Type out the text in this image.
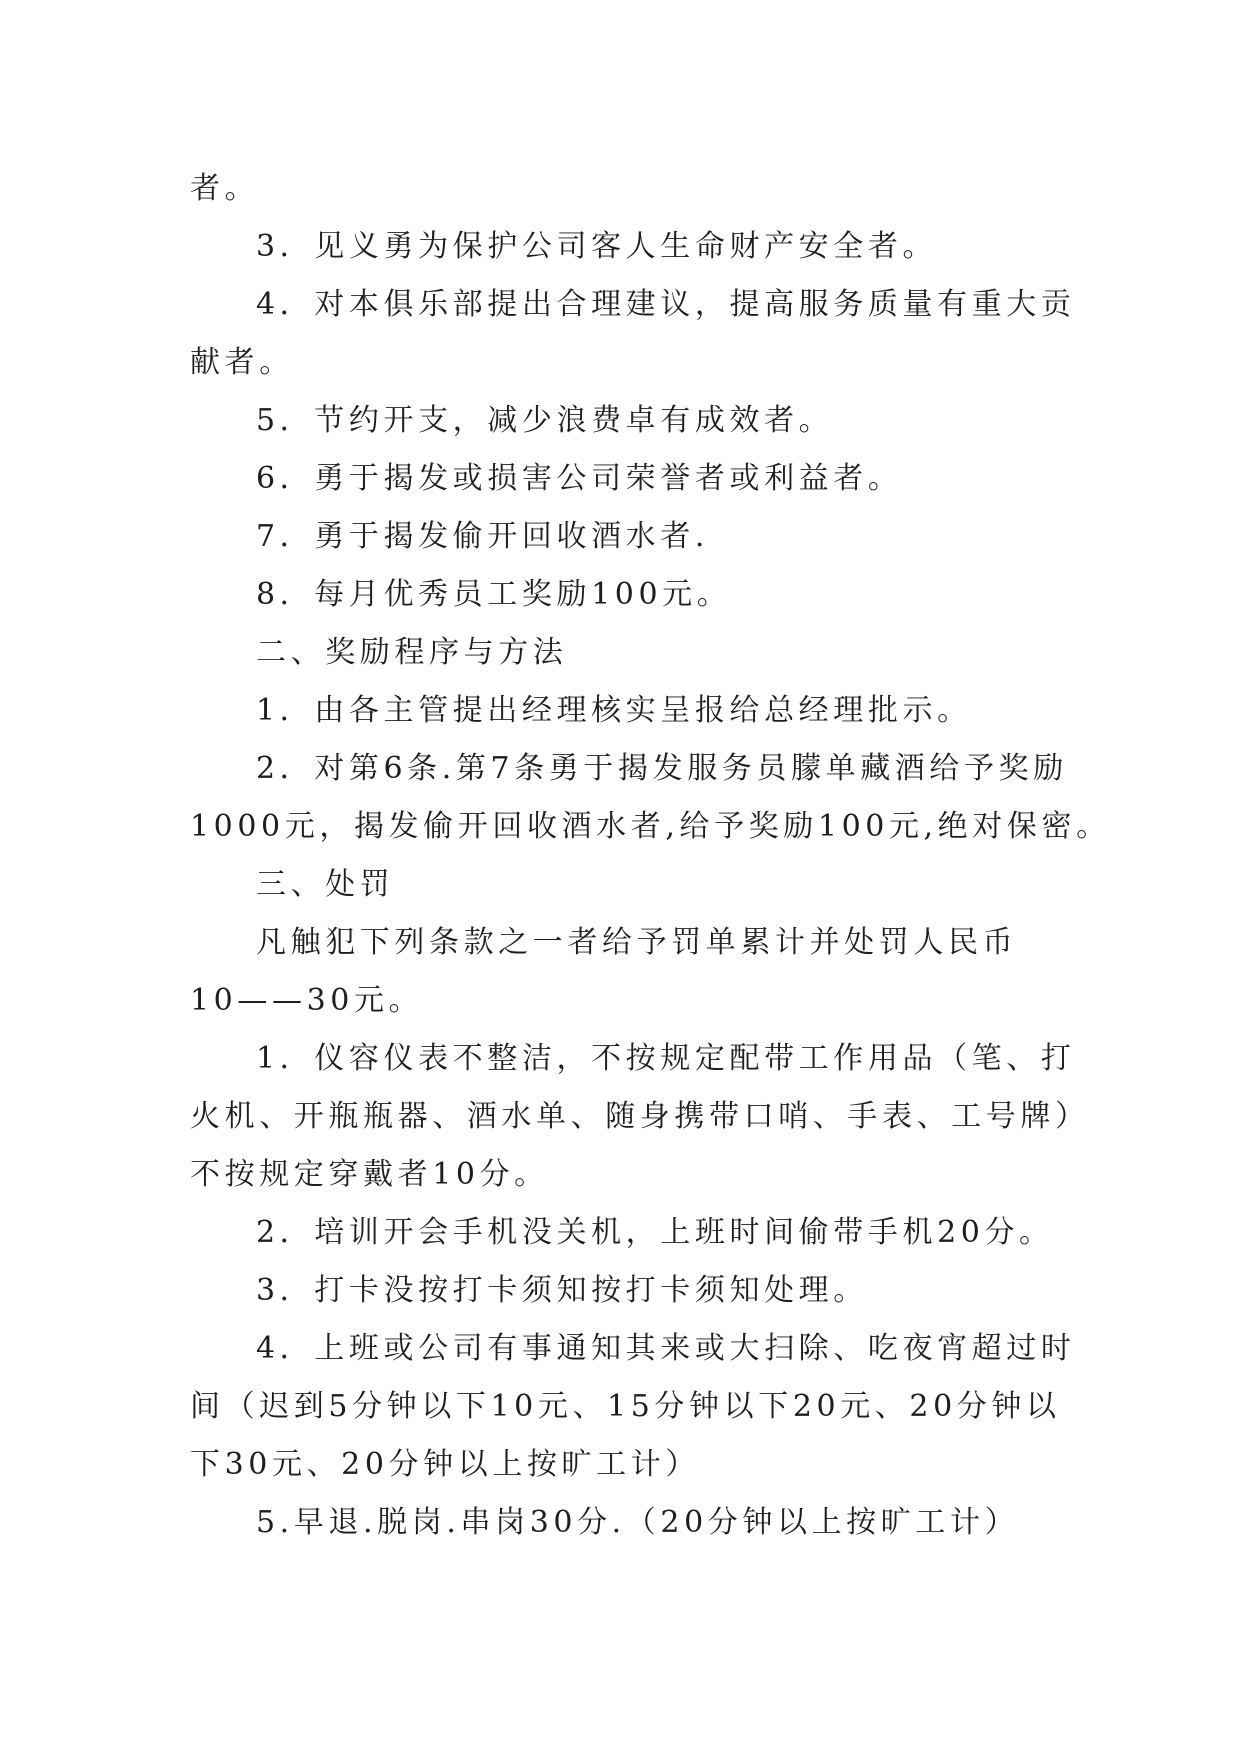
者。
3．见义勇为保护公司客人生命财产安全者。
4．对本俱乐部提出合理建议，提高服务质量有重大贡
献者。
5．节约开支，减少浪费卓有成效者。
6．勇于揭发或损害公司荣誉者或利益者。
7．勇于揭发偷开回收酒水者.
8．每月优秀员工奖励100元。
二、奖励程序与方法
1．由各主管提出经理核实呈报给总经理批示。
2．对第6条.第7条勇于揭发服务员朦单藏酒给予奖励
1000元，揭发偷开回收酒水者,给予奖励100元,绝对保密。
三、处罚
凡触犯下列条款之一者给予罚单累计并处罚人民币
10——30元。
1．仪容仪表不整洁，不按规定配带工作用品（笔、打
火机、开瓶瓶器、酒水单、随身携带口哨、手表、工号牌）
不按规定穿戴者10分。
2．培训开会手机没关机，上班时间偷带手机20分。
3．打卡没按打卡须知按打卡须知处理。
4．上班或公司有事通知其来或大扫除、吃夜宵超过时
间（迟到5分钟以下10元、15分钟以下20元、20分钟以
下30元、20分钟以上按旷工计）
5.早退.脱岗.串岗30分.（20分钟以上按旷工计）
